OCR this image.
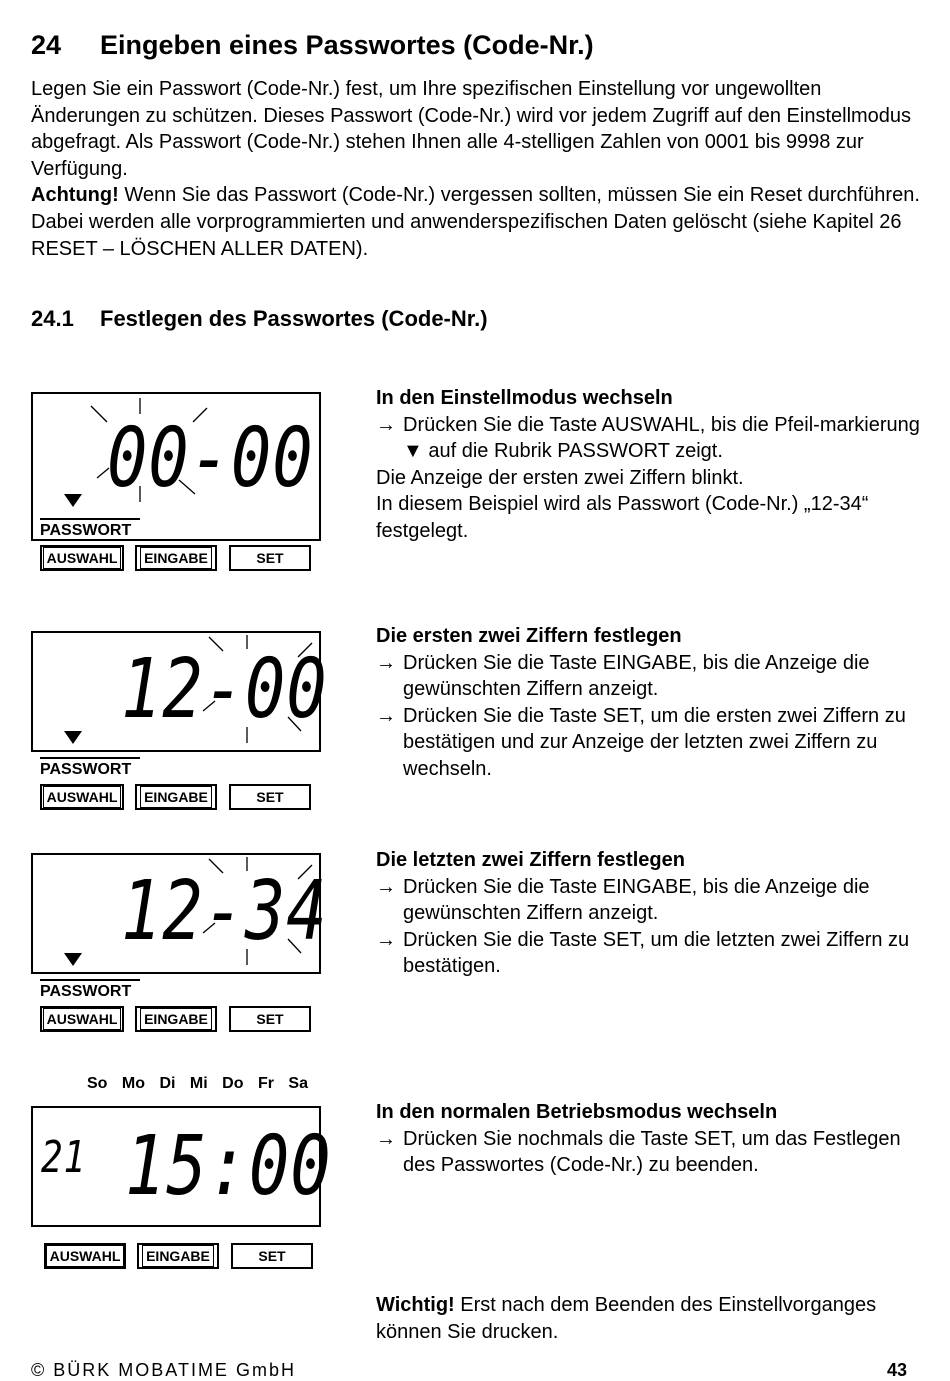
24 Eingeben eines Passwortes (Code-Nr.)

Legen Sie ein Passwort (Code-Nr.) fest, um Ihre spezifischen Einstellung vor ungewollten Änderungen zu schützen. Dieses Passwort (Code-Nr.) wird vor jedem Zugriff auf den Einstellmodus abgefragt. Als Passwort (Code-Nr.) stehen Ihnen alle 4-stelligen Zahlen von 0001 bis 9998 zur Verfügung.

Achtung! Wenn Sie das Passwort (Code-Nr.) vergessen sollten, müssen Sie ein Reset durchführen. Dabei werden alle vorprogrammierten und anwenderspezifischen Daten gelöscht (siehe Kapitel 26 RESET – LÖSCHEN ALLER DATEN).

24.1 Festlegen des Passwortes (Code-Nr.)
00-00
PASSWORT
AUSWAHL EINGABE	SET

In den Einstellmodus wechseln

→ Drücken Sie die Taste AUSWAHL, bis die Pfeil-markierung ▼ auf die Rubrik PASSWORT zeigt.

Die Anzeige der ersten zwei Ziffern blinkt.

In diesem Beispiel wird als Passwort (Code-Nr.) „12-34“ festgelegt.

12-00
PASSWORT
AUSWAHL EINGABE	SET

Die ersten zwei Ziffern festlegen

→ Drücken Sie die Taste EINGABE, bis die Anzeige die gewünschten Ziffern anzeigt.

→ Drücken Sie die Taste SET, um die ersten zwei Ziffern zu bestätigen und zur Anzeige der letzten zwei Ziffern zu wechseln.

12-34
PASSWORT
AUSWAHL EINGABE	SET

Die letzten zwei Ziffern festlegen

→ Drücken Sie die Taste EINGABE, bis die Anzeige die gewünschten Ziffern anzeigt.

→ Drücken Sie die Taste SET, um die letzten zwei Ziffern zu bestätigen.

So Mo Di Mi Do Fr Sa
21 15:00
AUSWAHL EINGABE	SET

In den normalen Betriebsmodus wechseln

→ Drücken Sie nochmals die Taste SET, um das Festlegen des Passwortes (Code-Nr.) zu beenden.

Wichtig! Erst nach dem Beenden des Einstellvorganges können Sie drucken.

© BÜRK MOBATIME GmbH	43
